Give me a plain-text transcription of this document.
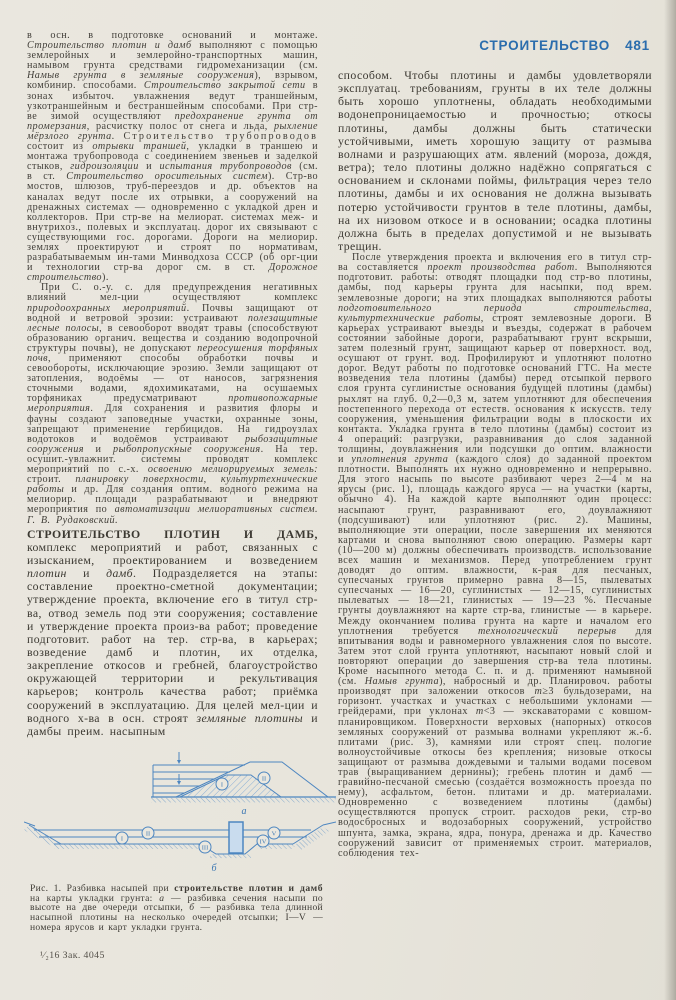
в осн. в подготовке оснований и монтаже. Строительство плотин и дамб выполняют с помощью землеройных и землеройно-транспортных машин, намывом грунта средствами гидромеханизации (см. Намыв грунта в земляные сооружения), взрывом, комбинир. способами. Строительство закрытой сети в зонах избыточ. увлажнения ведут траншейным, узкотраншейным и бестраншейным способами. При стр-ве зимой осуществляют предохранение грунта от промерзания, расчистку полос от снега и льда, рыхление мёрзлого грунта. Строительство трубопроводов состоит из отрывки траншей, укладки в траншею и монтажа трубопровода с соединением звеньев и заделкой стыков, гидроизоляции и испытания трубопроводов (см. в ст. Строительство оросительных систем). Стр-во мостов, шлюзов, труб-переездов и др. объектов на каналах ведут после их отрывки, а сооружений на дренажных системах — одновременно с укладкой дрен и коллекторов. При стр-ве на мелиорат. системах меж- и внутрихоз., полевых и эксплуатац. дорог их связывают с существующими гос. дорогами. Дороги на мелиорир. землях проектируют и строят по нормативам, разрабатываемым ин-тами Минводхоза СССР (об орг-ции и технологии стр-ва дорог см. в ст. Дорожное строительство).

При С. о.-у. с. для предупреждения негативных влияний мел-ции осуществляют комплекс природоохранных мероприятий. Почвы защищают от водной и ветровой эрозии: устраивают полезащитные лесные полосы, в севооборот вводят травы (способствуют образованию органич. вещества и созданию водопрочной структуры почвы), не допускают переосушения торфяных почв, применяют способы обработки почвы и севообороты, исключающие эрозию. Земли защищают от затопления, водоёмы — от наносов, загрязнения сточными водами, ядохимикатами, на осушаемых торфяниках предусматривают противопожарные мероприятия. Для сохранения и развития флоры и фауны создают заповедные участки, охранные зоны, запрещают применение гербицидов. На гидроузлах водотоков и водоёмов устраивают рыбозащитные сооружения и рыбопропускные сооружения. На тер. осушит.-увлажнит. системы проводят комплекс мероприятий по с.-х. освоению мелиорируемых земель: строит. планировку поверхности, культуртехнические работы и др. Для создания оптим. водного режима на мелиорир. площади разрабатывают и внедряют мероприятия по автоматизации мелиоративных систем. Г. В. Рудаковский.

СТРОИТЕЛЬСТВО ПЛОТИН И ДАМБ, комплекс мероприятий и работ, связанных с изысканием, проектированием и возведением плотин и дамб. Подразделяется на этапы: составление проектно-сметной документации; утверждение проекта, включение его в титул стр-ва, отвод земель под эти сооружения; составление и утверждение проекта произ-ва работ; проведение подготовит. работ на тер. стр-ва, в карьерах; возведение дамб и плотин, их отделка, закрепление откосов и гребней, благоустройство окружающей территории и рекультивация карьеров; контроль качества работ; приёмка сооружений в эксплуатацию. Для целей мел-ции и водного х-ва в осн. строят земляные плотины и дамбы преим. насыпным

СТРОИТЕЛЬСТВО 481

способом. Чтобы плотины и дамбы удовлетворяли эксплуатац. требованиям, грунты в их теле должны быть хорошо уплотнены, обладать необходимыми водонепроницаемостью и прочностью; откосы плотины, дамбы должны быть статически устойчивыми, иметь хорошую защиту от размыва волнами и разрушающих атм. явлений (мороза, дождя, ветра); тело плотины должно надёжно сопрягаться с основанием и склонами поймы, фильтрация через тело плотины, дамбы и их основания не должна вызывать потерю устойчивости грунтов в теле плотины, дамбы, на их низовом откосе и в основании; осадка плотины должна быть в пределах допустимой и не вызывать трещин.

После утверждения проекта и включения его в титул стр-ва составляется проект производства работ. Выполняются подготовит. работы: отводят площадки под стр-во плотины, дамбы, под карьеры грунта для насыпки, под врем. землевозные дороги; на этих площадках выполняются работы подготовительного периода строительства, культуртехнические работы, строят землевозные дороги. В карьерах устраивают выезды и въезды, содержат в рабочем состоянии забойные дороги, разрабатывают грунт вскрыши, затем полезный грунт, защищают карьер от поверхност. вод, осушают от грунт. вод. Профилируют и уплотняют полотно дорог. Ведут работы по подготовке оснований ГТС. На месте возведения тела плотины (дамбы) перед отсыпкой первого слоя грунта суглинистые основания будущей плотины (дамбы) рыхлят на глуб. 0,2—0,3 м, затем уплотняют для обеспечения постепенного перехода от естеств. основания к искусств. телу сооружения, уменьшения фильтрации воды в плоскости их контакта. Укладка грунта в тело плотины (дамбы) состоит из 4 операций: разгрузки, разравнивания до слоя заданной толщины, доувлажнения или подсушки до оптим. влажности и уплотнения грунта (каждого слоя) до заданной проектом плотности. Выполнять их нужно одновременно и непрерывно. Для этого насыпь по высоте разбивают через 2—4 м на ярусы (рис. 1), площадь каждого яруса — на участки (карты, обычно 4). На каждой карте выполняют один процесс: насыпают грунт, разравнивают его, доувлажняют (подсушивают) или уплотняют (рис. 2). Машины, выполняющие эти операции, после завершения их меняются картами и снова выполняют свою операцию. Размеры карт (10—200 м) должны обеспечивать производств. использование всех машин и механизмов. Перед употреблением грунт доводят до оптим. влажности, к-рая для песчаных, супесчаных грунтов примерно равна 8—15, пылеватых супесчаных — 16—20, суглинистых — 12—15, суглинистых пылеватых — 18—21, глинистых — 19—23 %. Песчаные грунты доувлажняют на карте стр-ва, глинистые — в карьере. Между окончанием полива грунта на карте и началом его уплотнения требуется технологический перерыв для впитывания воды и равномерного увлажнения слоя по высоте. Затем этот слой грунта уплотняют, насыпают новый слой и повторяют операции до завершения стр-ва тела плотины. Кроме насыпного метода С. п. и д. применяют намывной (см. Намыв грунта), набросный и др. Планировоч. работы производят при заложении откосов m≥3 бульдозерами, на горизонт. участках и участках с небольшими уклонами — грейдерами, при уклонах m<3 — экскаваторами с ковшом-планировщиком. Поверхности верховых (напорных) откосов земляных сооружений от размыва волнами укрепляют ж.-б. плитами (рис. 3), камнями или строят спец. пологие волноустойчивые откосы без крепления; низовые откосы защищают от размыва дождевыми и талыми водами посевом трав (выращиванием дернины); гребень плотин и дамб — гравийно-песчаной смесью (создаётся возможность проезда по нему), асфальтом, бетон. плитами и др. материалами. Одновременно с возведением плотины (дамбы) осуществляются пропуск строит. расходов реки, стр-во водосбросных и водозаборных сооружений, устройство шпунта, замка, экрана, ядра, понура, дренажа и др. Качество сооружений зависит от применяемых строит. материалов, соблюдения тех-

I
II
а
I
II
III
IV
V
б
Рис. 1. Разбивка насыпей при строительстве плотин и дамб на карты укладки грунта: а — разбивка сечения насыпи по высоте на две очереди отсыпки, б — разбивка тела длинной насыпной плотины на несколько очередей отсыпки; I—V — номера ярусов и карт укладки грунта.
¹⁄₂16 Зак. 4045
